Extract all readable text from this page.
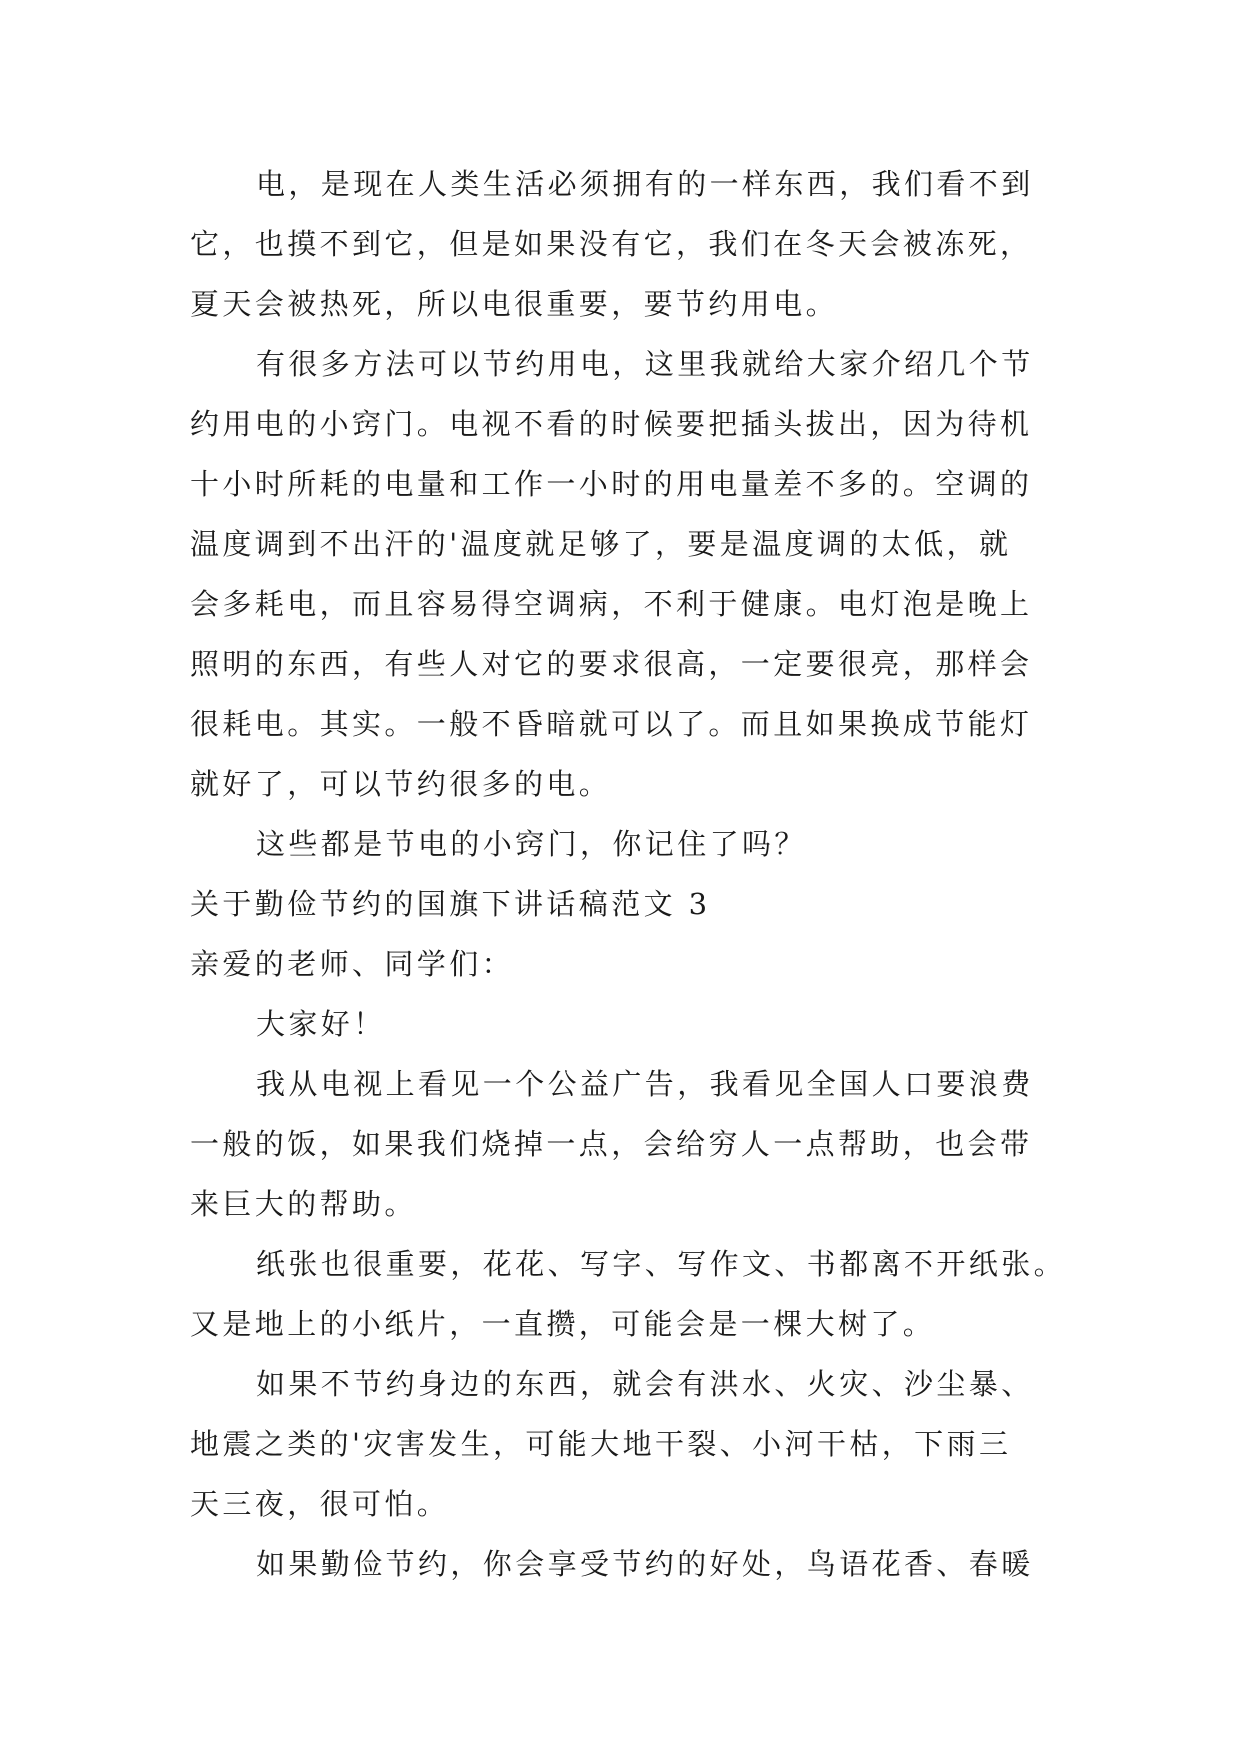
电，是现在人类生活必须拥有的一样东西，我们看不到
它，也摸不到它，但是如果没有它，我们在冬天会被冻死，
夏天会被热死，所以电很重要，要节约用电。
有很多方法可以节约用电，这里我就给大家介绍几个节
约用电的小窍门。电视不看的时候要把插头拔出，因为待机
十小时所耗的电量和工作一小时的用电量差不多的。空调的
温度调到不出汗的'温度就足够了，要是温度调的太低，就
会多耗电，而且容易得空调病，不利于健康。电灯泡是晚上
照明的东西，有些人对它的要求很高，一定要很亮，那样会
很耗电。其实。一般不昏暗就可以了。而且如果换成节能灯
就好了，可以节约很多的电。
这些都是节电的小窍门，你记住了吗？
关于勤俭节约的国旗下讲话稿范文 3
亲爱的老师、同学们：
大家好！
我从电视上看见一个公益广告，我看见全国人口要浪费
一般的饭，如果我们烧掉一点，会给穷人一点帮助，也会带
来巨大的帮助。
纸张也很重要，花花、写字、写作文、书都离不开纸张。
又是地上的小纸片，一直攒，可能会是一棵大树了。
如果不节约身边的东西，就会有洪水、火灾、沙尘暴、
地震之类的'灾害发生，可能大地干裂、小河干枯，下雨三
天三夜，很可怕。
如果勤俭节约，你会享受节约的好处，鸟语花香、春暖
